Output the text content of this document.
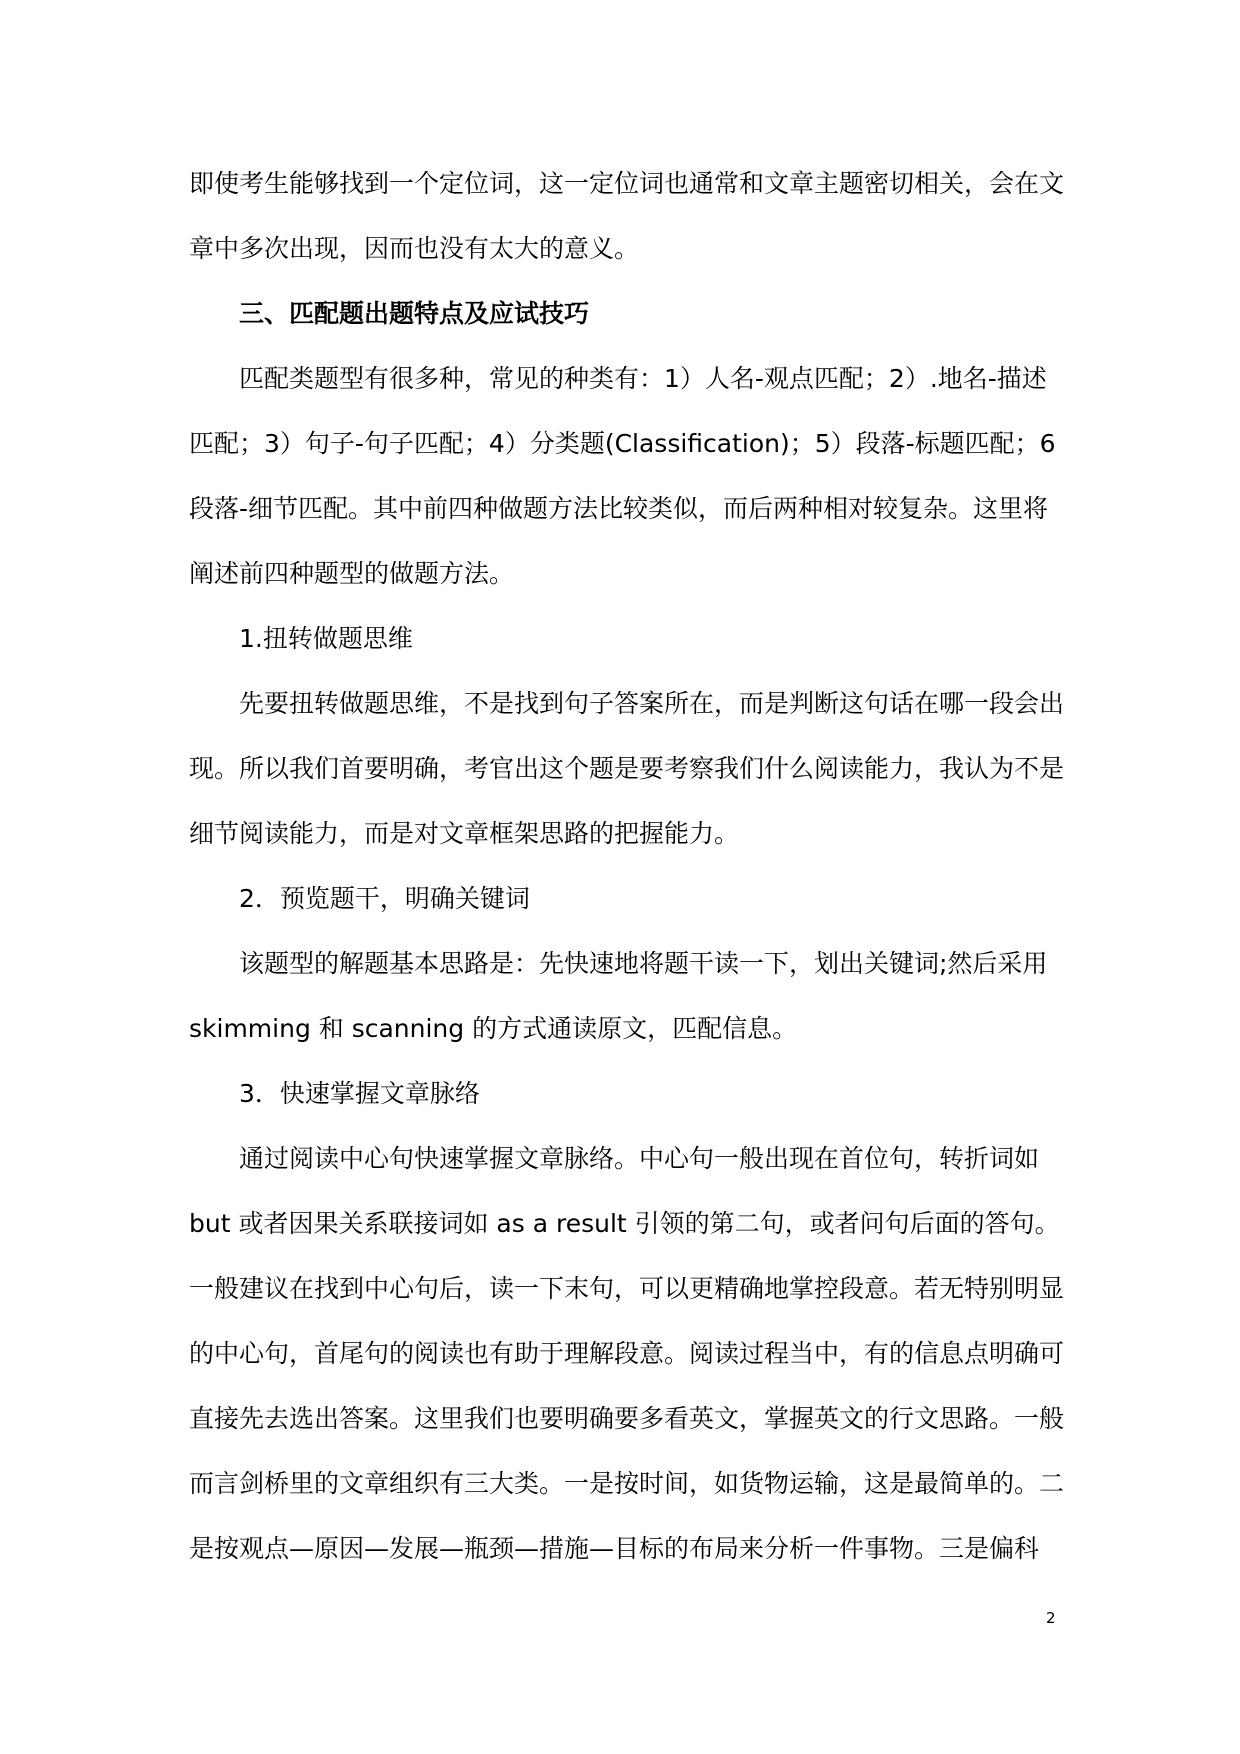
即使考生能够找到一个定位词，这一定位词也通常和文章主题密切相关，会在文
章中多次出现，因而也没有太大的意义。
三、匹配题出题特点及应试技巧
匹配类题型有很多种，常见的种类有：1）人名-观点匹配；2）.地名-描述
匹配；3）句子-句子匹配；4）分类题(Classification)；5）段落-标题匹配；6
段落-细节匹配。其中前四种做题方法比较类似，而后两种相对较复杂。这里将
阐述前四种题型的做题方法。
1.扭转做题思维
先要扭转做题思维，不是找到句子答案所在，而是判断这句话在哪一段会出
现。所以我们首要明确，考官出这个题是要考察我们什么阅读能力，我认为不是
细节阅读能力，而是对文章框架思路的把握能力。
2．预览题干，明确关键词
该题型的解题基本思路是：先快速地将题干读一下，划出关键词;然后采用
skimming 和 scanning 的方式通读原文，匹配信息。
3．快速掌握文章脉络
通过阅读中心句快速掌握文章脉络。中心句一般出现在首位句，转折词如
but 或者因果关系联接词如 as a result 引领的第二句，或者问句后面的答句。
一般建议在找到中心句后，读一下末句，可以更精确地掌控段意。若无特别明显
的中心句，首尾句的阅读也有助于理解段意。阅读过程当中，有的信息点明确可
直接先去选出答案。这里我们也要明确要多看英文，掌握英文的行文思路。一般
而言剑桥里的文章组织有三大类。一是按时间，如货物运输，这是最简单的。二
是按观点—原因—发展—瓶颈—措施—目标的布局来分析一件事物。三是偏科
2
